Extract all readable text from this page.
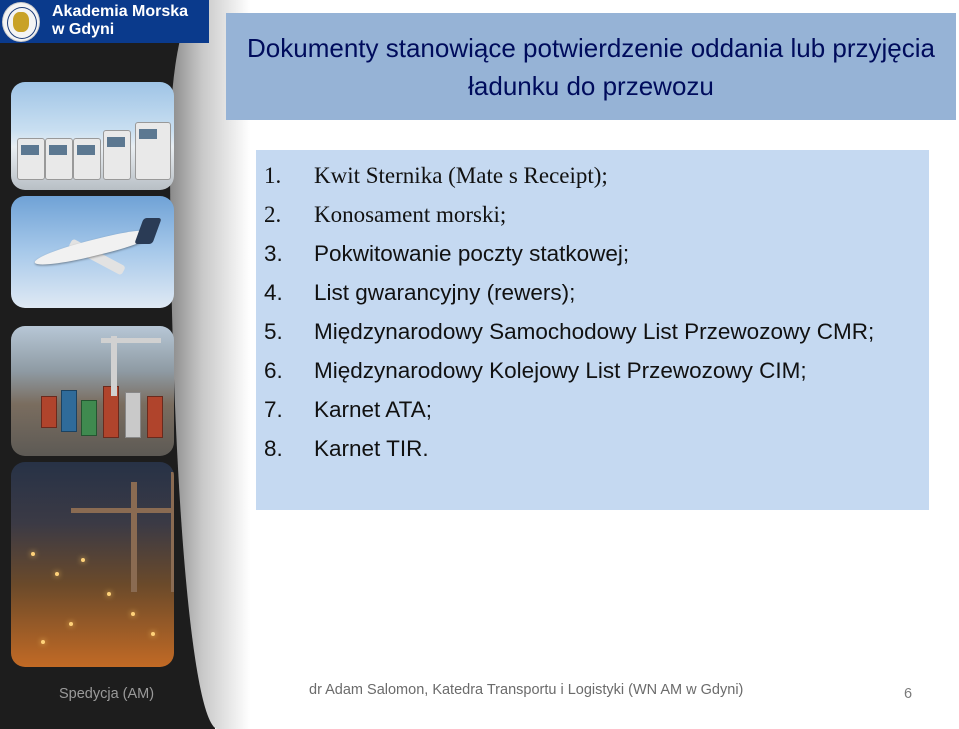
Akademia Morska
w Gdyni
Dokumenty stanowiące potwierdzenie oddania lub przyjęcia ładunku do przewozu
1.	Kwit Sternika (Mate s Receipt);
2.	Konosament morski;
3.	Pokwitowanie poczty statkowej;
4.	List gwarancyjny (rewers);
5.	Międzynarodowy Samochodowy List Przewozowy CMR;
6.	Międzynarodowy Kolejowy List Przewozowy CIM;
7.	Karnet ATA;
8.	Karnet TIR.
Spedycja (AM)	dr Adam Salomon, Katedra Transportu i Logistyki (WN AM w Gdyni)	6
